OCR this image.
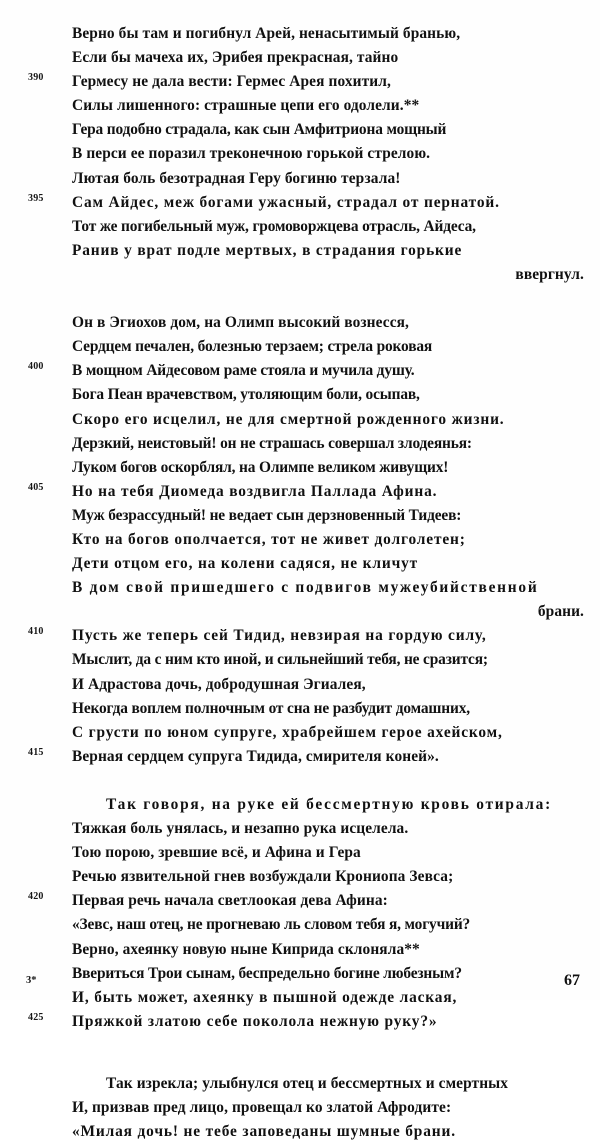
Верно бы там и погибнул Арей, ненасытимый бранью,
Если бы мачеха их, Эрибея прекрасная, тайно
390	Гермесу не дала вести: Гермес Арея похитил,
Силы лишенного: страшные цепи его одолели.**
Гера подобно страдала, как сын Амфитриона мощный
В перси ее поразил треконечною горькой стрелою.
Лютая боль безотрадная Геру богиню терзала!
395	Сам Айдес, меж богами ужасный, страдал от пернатой.
Тот же погибельный муж, громоворжцева отрасль, Айдеса,
Ранив у врат подле мертвых, в страдания горькие
ввергнул.
Он в Эгиохов дом, на Олимп высокий вознесся,
Сердцем печален, болезнью терзаем; стрела роковая
400	В мощном Айдесовом раме стояла и мучила душу.
Бога Пеан врачевством, утоляющим боли, осыпав,
Скоро его исцелил, не для смертной рожденного жизни.
Дерзкий, неистовый! он не страшась совершал злодеянья:
Луком богов оскорблял, на Олимпе великом живущих!
405	Но на тебя Диомеда воздвигла Паллада Афина.
Муж безрассудный! не ведает сын дерзновенный Тидеев:
Кто на богов ополчается, тот не живет долголетен;
Дети отцом его, на колени садяся, не кличут
В дом свой пришедшего с подвигов мужеубийственной
брани.
410	Пусть же теперь сей Тидид, невзирая на гордую силу,
Мыслит, да с ним кто иной, и сильнейший тебя, не сразится;
И Адрастова дочь, добродушная Эгиалея,
Некогда воплем полночным от сна не разбудит домашних,
С грусти по юном супруге, храбрейшем герое ахейском,
415	Верная сердцем супруга Тидида, смирителя коней».
Так говоря, на руке ей бессмертную кровь отирала:
Тяжкая боль унялась, и незапно рука исцелела.
Тою порою, зревшие всё, и Афина и Гера
Речью язвительной гнев возбуждали Крониопа Зевса;
420	Первая речь начала светлоокая дева Афина:
«Зевс, наш отец, не прогневаю ль словом тебя я, могучий?
Верно, ахеянку новую ныне Киприда склоняла**
Ввериться Трои сынам, беспредельно богине любезным?
И, быть может, ахеянку в пышной одежде лаская,
425	Пряжкой златою себе поколола нежную руку?»
Так изрекла; улыбнулся отец и бессмертных и смертных
И, призвав пред лицо, провещал ко златой Афродите:
«Милая дочь! не тебе заповеданы шумные брани.
3*	67
